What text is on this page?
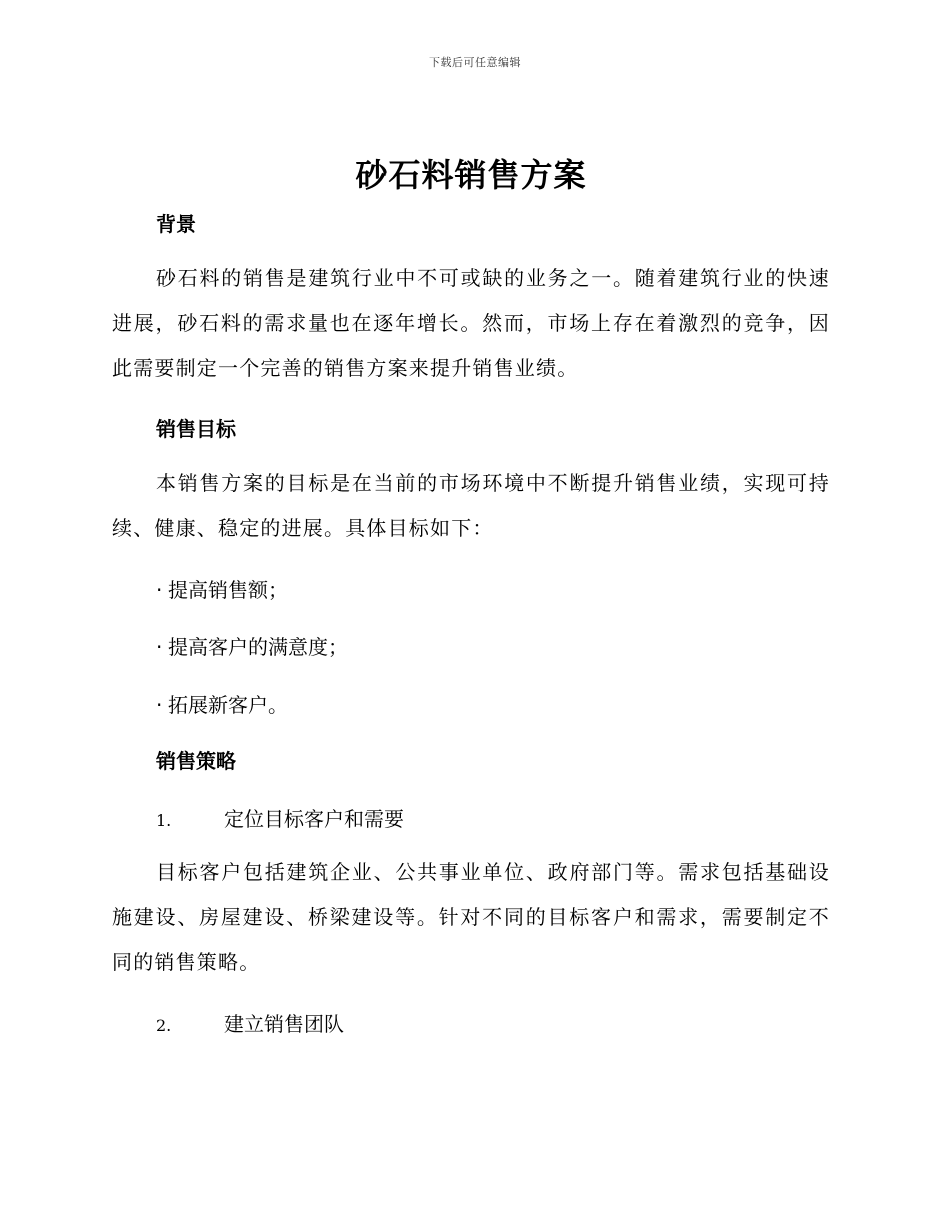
下载后可任意编辑
砂石料销售方案
背景
砂石料的销售是建筑行业中不可或缺的业务之一。随着建筑行业的快速进展，砂石料的需求量也在逐年增长。然而，市场上存在着激烈的竞争，因此需要制定一个完善的销售方案来提升销售业绩。
销售目标
本销售方案的目标是在当前的市场环境中不断提升销售业绩，实现可持续、健康、稳定的进展。具体目标如下：
· 提高销售额；
· 提高客户的满意度；
· 拓展新客户。
销售策略
1.	定位目标客户和需要
目标客户包括建筑企业、公共事业单位、政府部门等。需求包括基础设施建设、房屋建设、桥梁建设等。针对不同的目标客户和需求，需要制定不同的销售策略。
2.	建立销售团队
